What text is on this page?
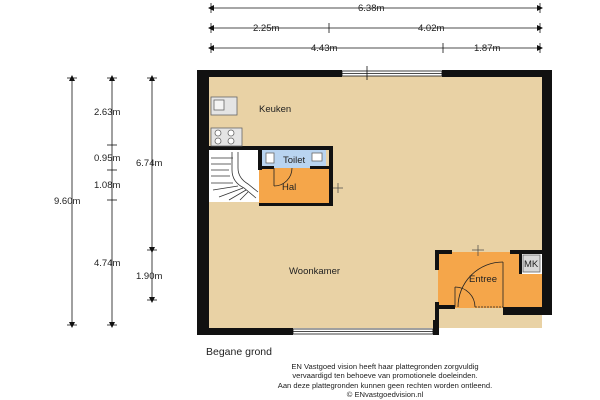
Keuken
Toilet
Hal
Woonkamer
Entree
MK
6.38m
2.25m	4.02m
4.43m	1.87m
9.60m
2.63m
0.95m
1.08m
4.74m
6.74m
1.90m
Begane grond
EN Vastgoed vision heeft haar plattegronden zorgvuldig
vervaardigd ten behoeve van promotionele doeleinden.
Aan deze plattegronden kunnen geen rechten worden ontleend.
© ENvastgoedvision.nl
